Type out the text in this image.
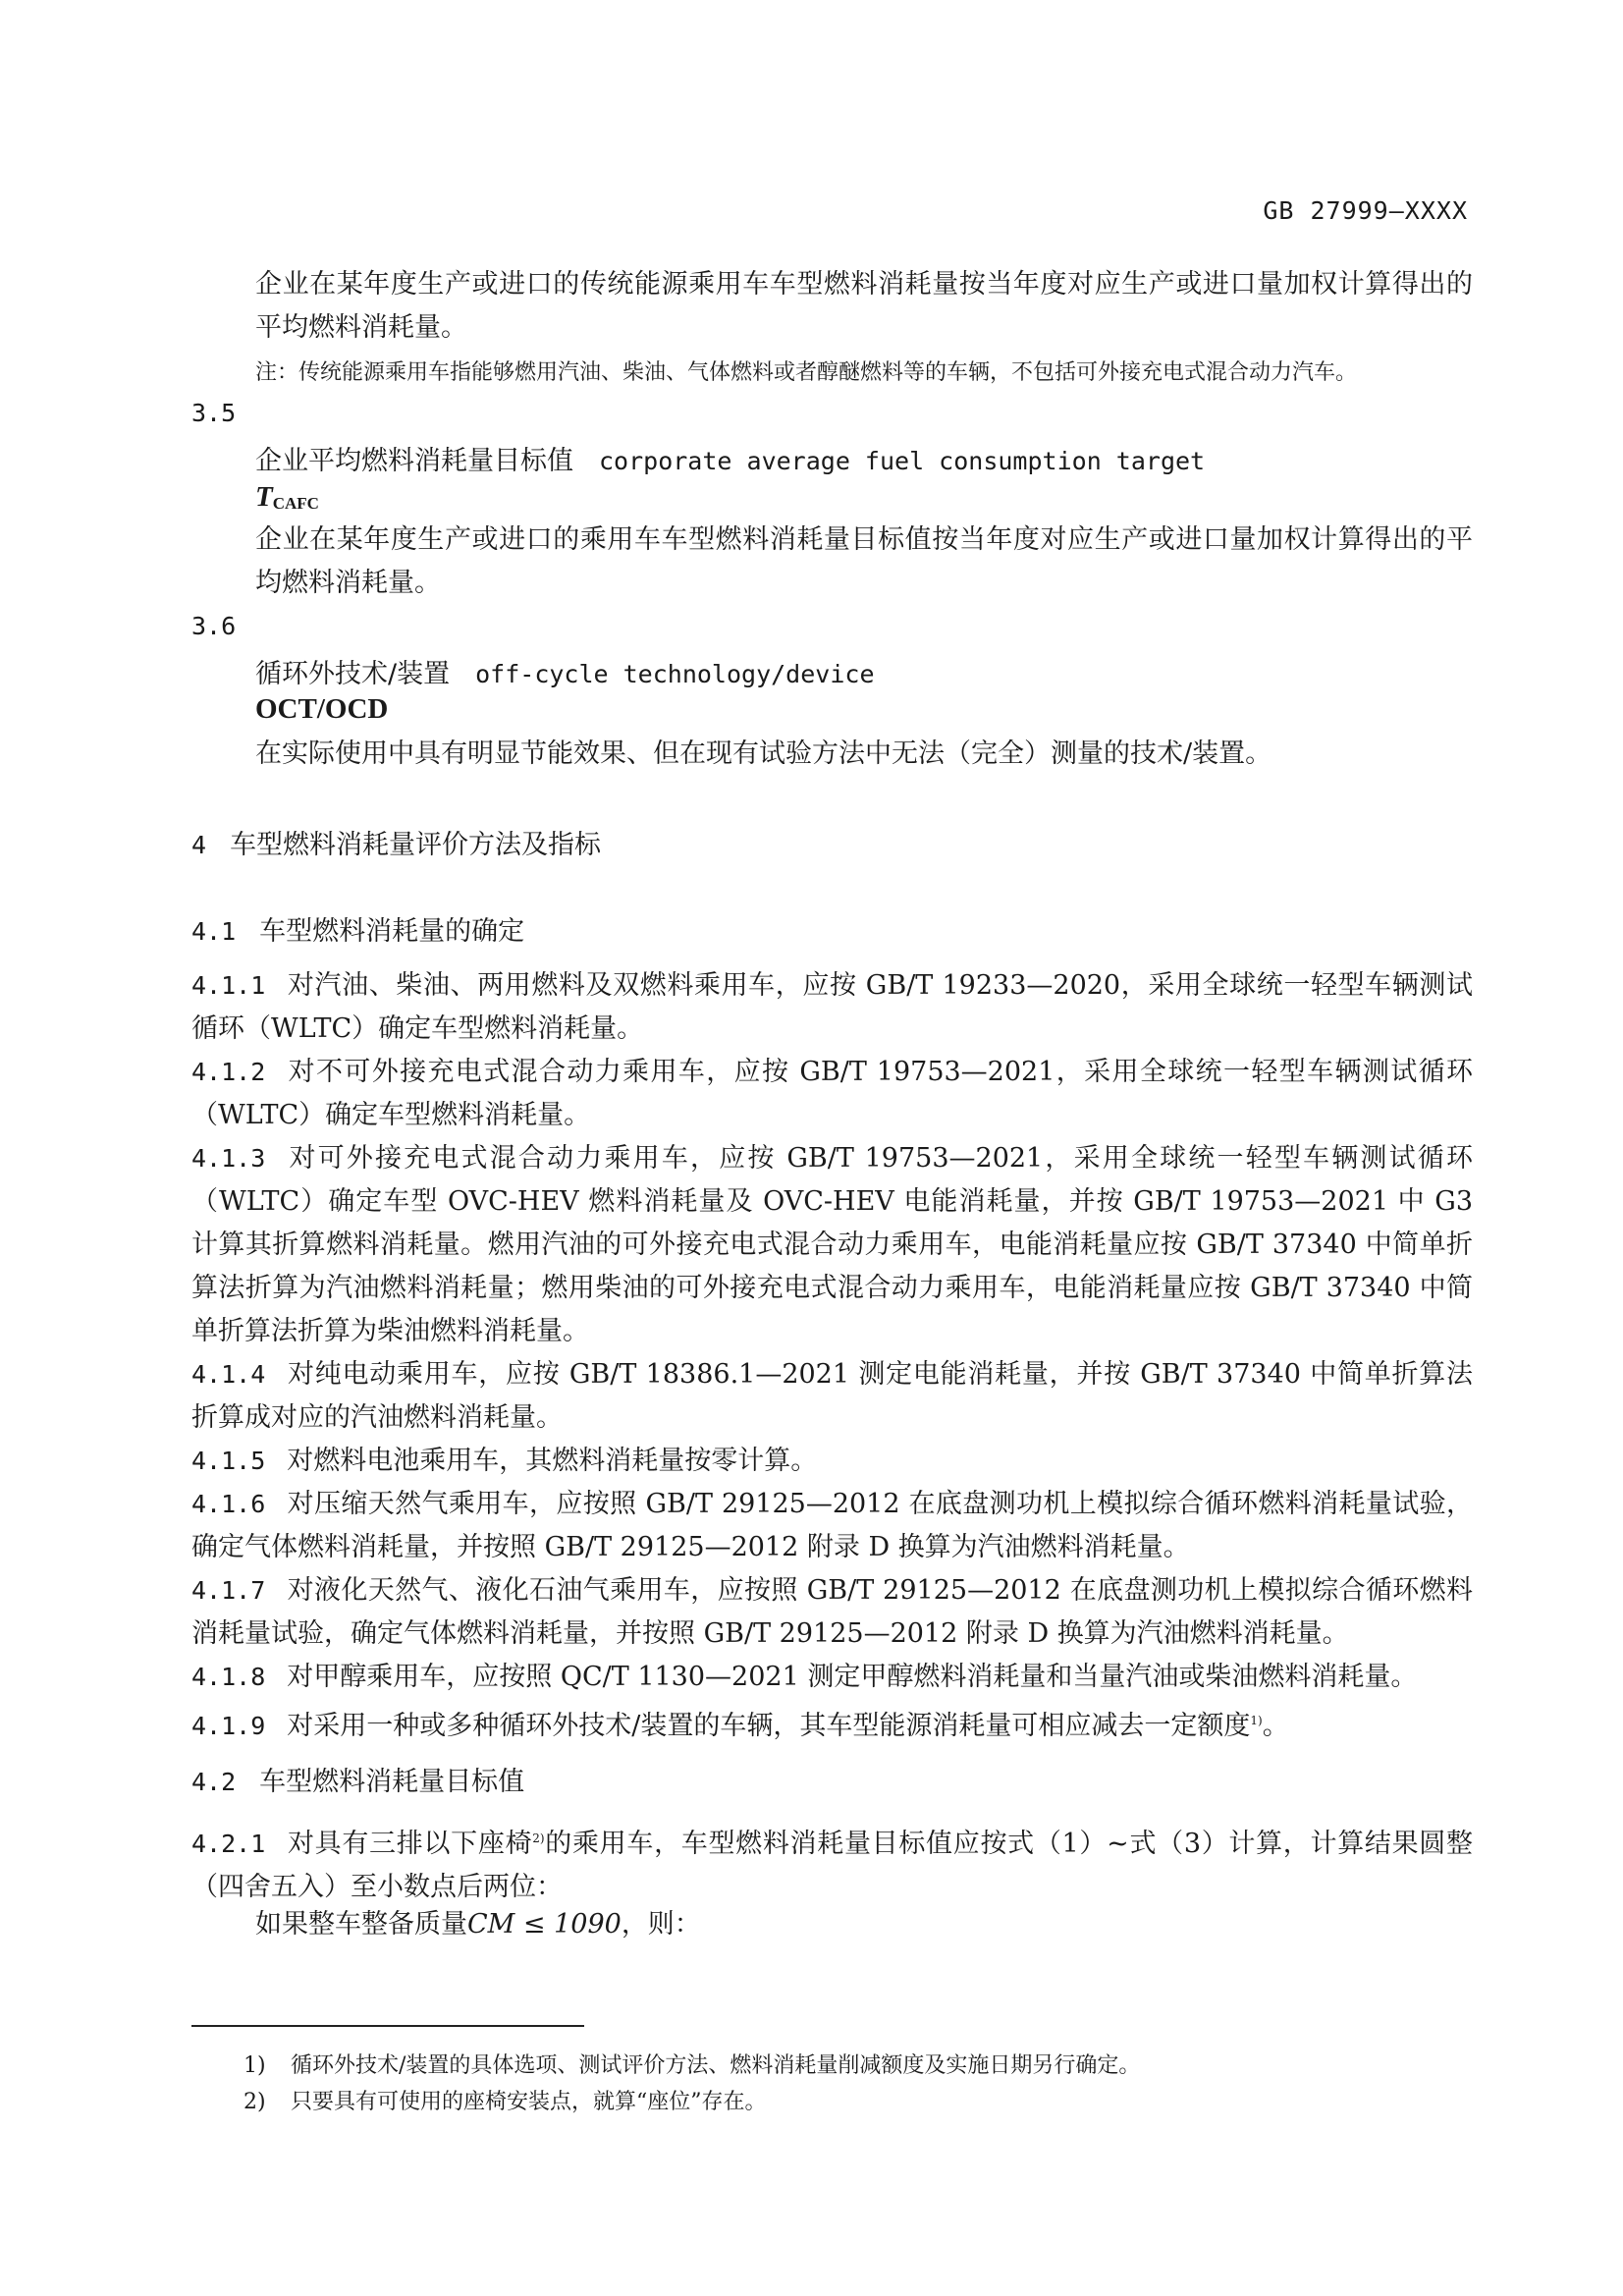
GB 27999—XXXX
企业在某年度生产或进口的传统能源乘用车车型燃料消耗量按当年度对应生产或进口量加权计算得出的平均燃料消耗量。
注：传统能源乘用车指能够燃用汽油、柴油、气体燃料或者醇醚燃料等的车辆，不包括可外接充电式混合动力汽车。
3.5
企业平均燃料消耗量目标值 corporate average fuel consumption target
$T_{CAFC}$
企业在某年度生产或进口的乘用车车型燃料消耗量目标值按当年度对应生产或进口量加权计算得出的平均燃料消耗量。
3.6
循环外技术/装置 off-cycle technology/device
OCT/OCD
在实际使用中具有明显节能效果、但在现有试验方法中无法（完全）测量的技术/装置。
4 车型燃料消耗量评价方法及指标
4.1 车型燃料消耗量的确定
4.1.1 对汽油、柴油、两用燃料及双燃料乘用车，应按 GB/T 19233—2020，采用全球统一轻型车辆测试循环（WLTC）确定车型燃料消耗量。
4.1.2 对不可外接充电式混合动力乘用车，应按 GB/T 19753—2021，采用全球统一轻型车辆测试循环（WLTC）确定车型燃料消耗量。
4.1.3 对可外接充电式混合动力乘用车，应按 GB/T 19753—2021，采用全球统一轻型车辆测试循环（WLTC）确定车型 OVC-HEV 燃料消耗量及 OVC-HEV 电能消耗量，并按 GB/T 19753—2021 中 G3 计算其折算燃料消耗量。燃用汽油的可外接充电式混合动力乘用车，电能消耗量应按 GB/T 37340 中简单折算法折算为汽油燃料消耗量；燃用柴油的可外接充电式混合动力乘用车，电能消耗量应按 GB/T 37340 中简单折算法折算为柴油燃料消耗量。
4.1.4 对纯电动乘用车，应按 GB/T 18386.1—2021 测定电能消耗量，并按 GB/T 37340 中简单折算法折算成对应的汽油燃料消耗量。
4.1.5 对燃料电池乘用车，其燃料消耗量按零计算。
4.1.6 对压缩天然气乘用车，应按照 GB/T 29125—2012 在底盘测功机上模拟综合循环燃料消耗量试验，确定气体燃料消耗量，并按照 GB/T 29125—2012 附录 D 换算为汽油燃料消耗量。
4.1.7 对液化天然气、液化石油气乘用车，应按照 GB/T 29125—2012 在底盘测功机上模拟综合循环燃料消耗量试验，确定气体燃料消耗量，并按照 GB/T 29125—2012 附录 D 换算为汽油燃料消耗量。
4.1.8 对甲醇乘用车，应按照 QC/T 1130—2021 测定甲醇燃料消耗量和当量汽油或柴油燃料消耗量。
4.1.9 对采用一种或多种循环外技术/装置的车辆，其车型能源消耗量可相应减去一定额度$^{1)}$。
4.2 车型燃料消耗量目标值
4.2.1 对具有三排以下座椅$^{2)}$的乘用车，车型燃料消耗量目标值应按式（1）~式（3）计算，计算结果圆整（四舍五入）至小数点后两位：
如果整车整备质量CM ≤ 1090，则：
1) 循环外技术/装置的具体选项、测试评价方法、燃料消耗量削减额度及实施日期另行确定。
2) 只要具有可使用的座椅安装点，就算“座位”存在。
